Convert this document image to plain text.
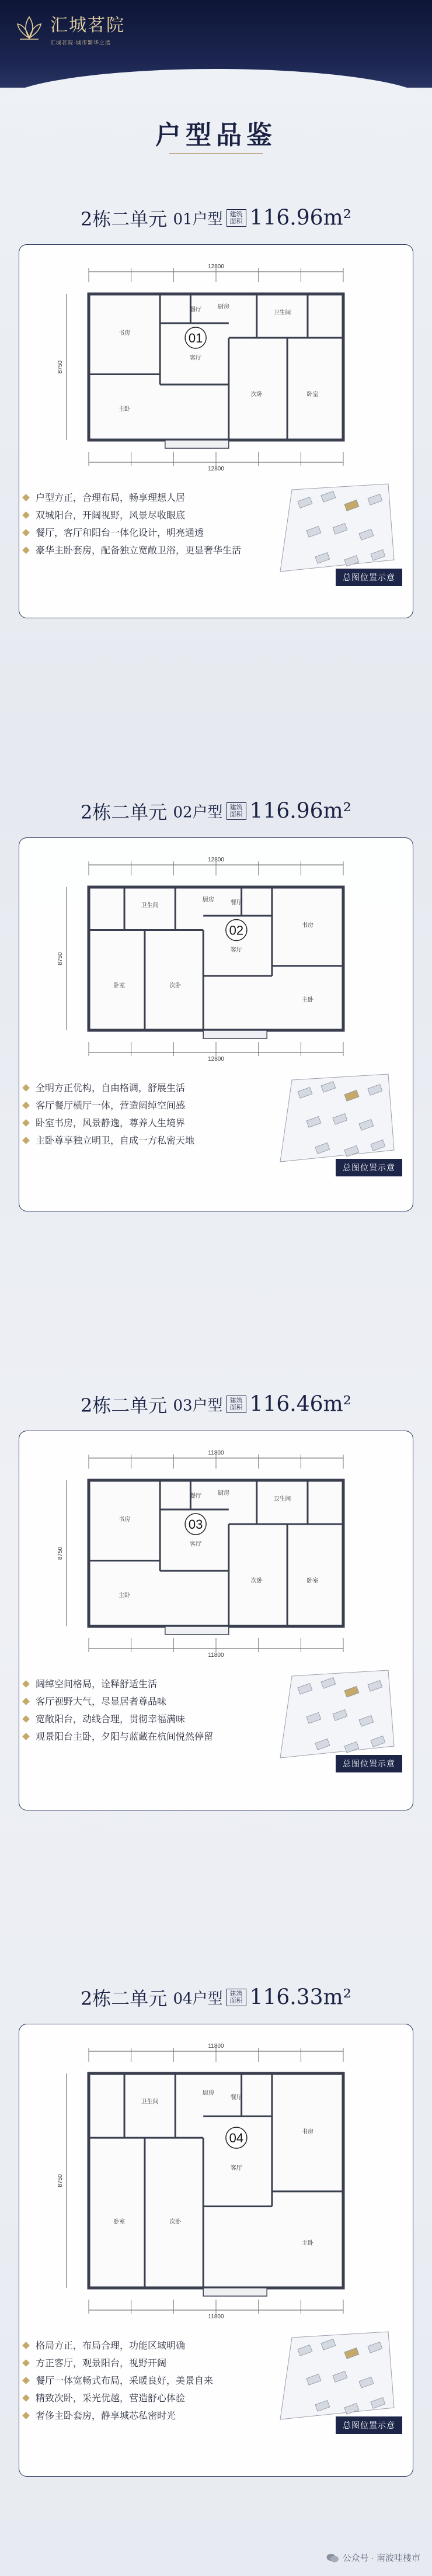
汇城茗院
汇城茗院·城市繁华之选
户型品鉴
2栋二单元 01户型 建筑
面积 116.96m²
12800
12800
8750
客厅
餐厅
主卧
次卧	卧室
书房
厨房
卫生间
01
户型方正，合理布局，畅享理想人居
双城阳台，开阔视野，风景尽收眼底
餐厅，客厅和阳台一体化设计，明亮通透
豪华主卧套房，配备独立宽敞卫浴，更显奢华生活
总图位置示意
2栋二单元 02户型 建筑
面积 116.96m²
12800
12800
8750
客厅
餐厅
主卧
次卧
卧室
书房
厨房
卫生间
02
全明方正优构，自由格调，舒展生活
客厅餐厅横厅一体，营造阔绰空间感
卧室书房，风景静逸，尊养人生境界
主卧尊享独立明卫，自成一方私密天地
总图位置示意
2栋二单元 03户型 建筑
面积 116.46m²
11800
11800
8750
客厅
餐厅
主卧
次卧	卧室
书房
厨房
卫生间
03
阔绰空间格局，诠释舒适生活
客厅视野大气，尽显居者尊品味
宽敞阳台，动线合理，贯彻幸福满味
观景阳台主卧，夕阳与蓝藏在杭间悦然停留
总图位置示意
2栋二单元 04户型 建筑
面积 116.33m²
11800
11800
8750
客厅
餐厅
主卧
次卧
卧室
书房
厨房
卫生间
04
格局方正，布局合理，功能区域明确
方正客厅，观景阳台，视野开阔
餐厅一体宽畅式布局，采暖良好，美景自来
精致次卧，采光优越，营造舒心体验
奢侈主卧套房，静享城芯私密时光
总图位置示意
公众号 · 南波哇楼市
